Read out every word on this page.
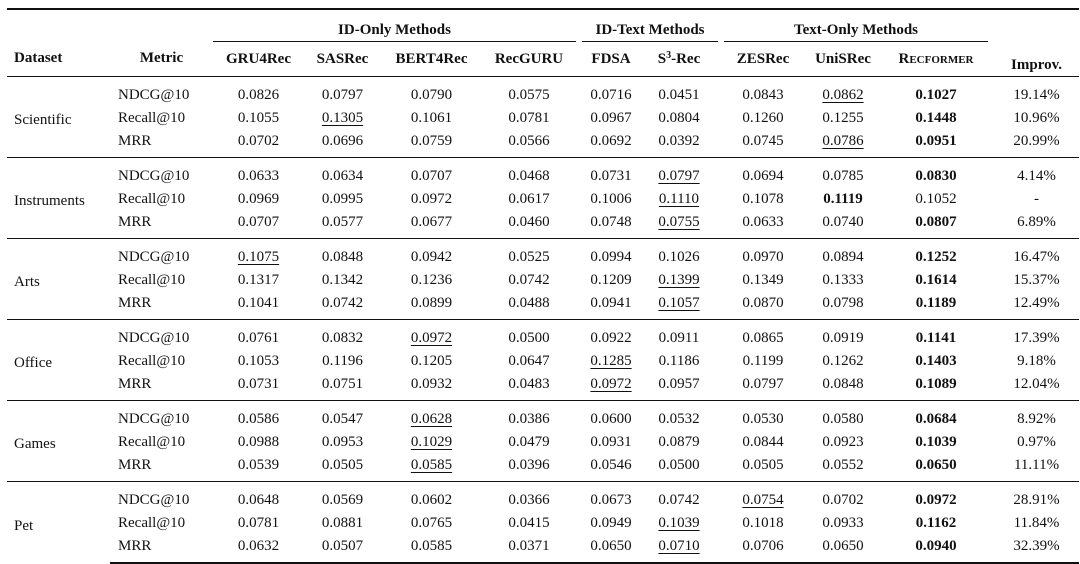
		ID-Only Methods					ID-Text Methods			Text-Only Methods				Improv.
Dataset	Metric	GRU4Rec	SASRec	BERT4Rec	RecGURU		FDSA	$S^3$-Rec		ZESRec	UniSRec	Recformer		
Scientific	NDCG@10	0.0826	0.0797	0.0790	0.0575		0.0716	0.0451		0.0843	0.0862	0.1027		19.14%
	Recall@10	0.1055	0.1305	0.1061	0.0781		0.0967	0.0804		0.1260	0.1255	0.1448		10.96%
	MRR	0.0702	0.0696	0.0759	0.0566		0.0692	0.0392		0.0745	0.0786	0.0951		20.99%
Instruments	NDCG@10	0.0633	0.0634	0.0707	0.0468		0.0731	0.0797		0.0694	0.0785	0.0830		4.14%
	Recall@10	0.0969	0.0995	0.0972	0.0617		0.1006	0.1110		0.1078	0.1119	0.1052		-
	MRR	0.0707	0.0577	0.0677	0.0460		0.0748	0.0755		0.0633	0.0740	0.0807		6.89%
Arts	NDCG@10	0.1075	0.0848	0.0942	0.0525		0.0994	0.1026		0.0970	0.0894	0.1252		16.47%
	Recall@10	0.1317	0.1342	0.1236	0.0742		0.1209	0.1399		0.1349	0.1333	0.1614		15.37%
	MRR	0.1041	0.0742	0.0899	0.0488		0.0941	0.1057		0.0870	0.0798	0.1189		12.49%
Office	NDCG@10	0.0761	0.0832	0.0972	0.0500		0.0922	0.0911		0.0865	0.0919	0.1141		17.39%
	Recall@10	0.1053	0.1196	0.1205	0.0647		0.1285	0.1186		0.1199	0.1262	0.1403		9.18%
	MRR	0.0731	0.0751	0.0932	0.0483		0.0972	0.0957		0.0797	0.0848	0.1089		12.04%
Games	NDCG@10	0.0586	0.0547	0.0628	0.0386		0.0600	0.0532		0.0530	0.0580	0.0684		8.92%
	Recall@10	0.0988	0.0953	0.1029	0.0479		0.0931	0.0879		0.0844	0.0923	0.1039		0.97%
	MRR	0.0539	0.0505	0.0585	0.0396		0.0546	0.0500		0.0505	0.0552	0.0650		11.11%
Pet	NDCG@10	0.0648	0.0569	0.0602	0.0366		0.0673	0.0742		0.0754	0.0702	0.0972		28.91%
	Recall@10	0.0781	0.0881	0.0765	0.0415		0.0949	0.1039		0.1018	0.0933	0.1162		11.84%
	MRR	0.0632	0.0507	0.0585	0.0371		0.0650	0.0710		0.0706	0.0650	0.0940		32.39%
